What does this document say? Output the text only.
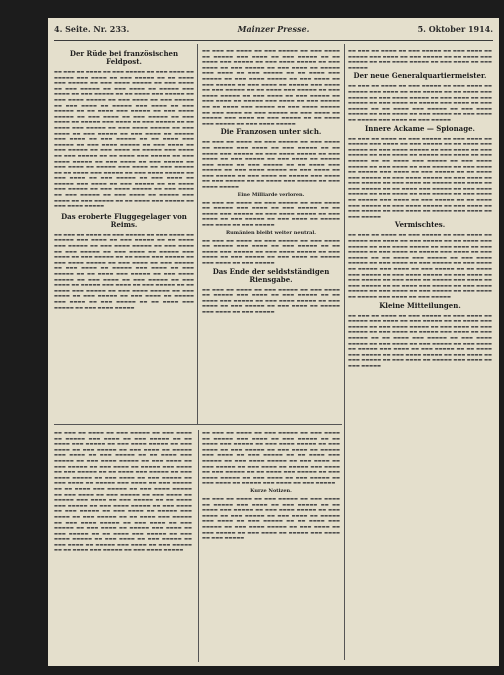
4. Seite. Nr. 233.	Mainzer Presse.	5. Oktober 1914.
Der Rüde bei französischen Feldpost.

▬▬ ▬▬▬ ▬▬ ▬▬▬▬ ▬▬ ▬▬▬ ▬▬▬▬▬ ▬▬ ▬▬▬ ▬▬▬▬ ▬▬ ▬▬▬▬▬ ▬▬▬ ▬▬▬▬ ▬▬ ▬▬▬ ▬▬▬▬▬ ▬▬ ▬▬ ▬▬▬▬ ▬▬▬ ▬▬▬▬▬ ▬▬ ▬▬▬ ▬▬▬▬ ▬▬▬▬▬ ▬▬ ▬▬▬ ▬▬▬▬ ▬▬ ▬▬▬ ▬▬▬▬▬ ▬▬ ▬▬▬ ▬▬▬▬ ▬▬ ▬▬▬▬▬ ▬▬▬ ▬▬▬▬ ▬▬ ▬▬▬ ▬▬▬▬▬ ▬▬ ▬▬ ▬▬▬▬ ▬▬▬ ▬▬▬▬▬ ▬▬ ▬▬▬ ▬▬▬▬ ▬▬▬▬▬ ▬▬ ▬▬▬ ▬▬▬▬ ▬▬ ▬▬▬ ▬▬▬▬▬ ▬▬ ▬▬▬ ▬▬▬▬ ▬▬ ▬▬▬▬▬ ▬▬▬ ▬▬▬▬ ▬▬ ▬▬▬ ▬▬▬▬▬ ▬▬ ▬▬ ▬▬▬▬ ▬▬▬ ▬▬▬▬▬ ▬▬ ▬▬▬ ▬▬▬▬ ▬▬▬▬▬ ▬▬ ▬▬▬ ▬▬▬▬ ▬▬ ▬▬▬ ▬▬▬▬▬ ▬▬ ▬▬▬ ▬▬▬▬ ▬▬ ▬▬▬▬▬ ▬▬▬ ▬▬▬▬ ▬▬ ▬▬▬ ▬▬▬▬▬ ▬▬ ▬▬ ▬▬▬▬ ▬▬▬ ▬▬▬▬▬ ▬▬ ▬▬▬ ▬▬▬▬ ▬▬▬▬▬ ▬▬ ▬▬▬ ▬▬▬▬ ▬▬ ▬▬▬ ▬▬▬▬▬ ▬▬ ▬▬▬ ▬▬▬▬ ▬▬ ▬▬▬▬▬ ▬▬▬ ▬▬▬▬ ▬▬ ▬▬▬ ▬▬▬▬▬ ▬▬ ▬▬ ▬▬▬▬ ▬▬▬ ▬▬▬▬▬ ▬▬ ▬▬▬ ▬▬▬▬ ▬▬▬▬▬ ▬▬ ▬▬▬ ▬▬▬▬ ▬▬ ▬▬▬ ▬▬▬▬▬ ▬▬ ▬▬▬ ▬▬▬▬ ▬▬ ▬▬▬▬▬ ▬▬▬ ▬▬▬▬ ▬▬ ▬▬▬ ▬▬▬▬▬ ▬▬ ▬▬ ▬▬▬▬ ▬▬▬ ▬▬▬▬▬ ▬▬ ▬▬▬ ▬▬▬▬ ▬▬▬▬▬ ▬▬ ▬▬▬ ▬▬▬▬ ▬▬ ▬▬▬ ▬▬▬▬▬ ▬▬ ▬▬▬ ▬▬▬▬ ▬▬ ▬▬▬▬▬ ▬▬▬ ▬▬▬▬ ▬▬ ▬▬▬ ▬▬▬▬▬ ▬▬ ▬▬ ▬▬▬▬ ▬▬▬ ▬▬▬▬▬ ▬▬ ▬▬▬ ▬▬▬▬ ▬▬▬▬▬ ▬▬ ▬▬▬ ▬▬▬▬ ▬▬ ▬▬▬ ▬▬▬▬▬ ▬▬ ▬▬▬ ▬▬▬▬ ▬▬ ▬▬▬▬▬ ▬▬▬ ▬▬▬▬ ▬▬ ▬▬▬ ▬▬▬▬▬ ▬▬ ▬▬ ▬▬▬▬ ▬▬▬ ▬▬▬▬▬ ▬▬ ▬▬▬ ▬▬▬▬ ▬▬▬▬▬ ▬▬ ▬▬▬ ▬▬▬▬ ▬▬ ▬▬▬ ▬▬▬▬▬ ▬▬ ▬▬▬ ▬▬▬▬ ▬▬ ▬▬▬▬▬ ▬▬▬ ▬▬▬▬ ▬▬ ▬▬▬ ▬▬▬▬▬ ▬▬ ▬▬ ▬▬▬▬ ▬▬▬ ▬▬▬▬▬ ▬▬ ▬▬▬ ▬▬▬▬ ▬▬▬▬▬

Das eroberte Fluggegelager von Reims.

▬▬ ▬▬▬ ▬▬ ▬▬▬▬ ▬▬ ▬▬▬ ▬▬▬▬▬ ▬▬ ▬▬▬ ▬▬▬▬ ▬▬ ▬▬▬▬▬ ▬▬▬ ▬▬▬▬ ▬▬ ▬▬▬ ▬▬▬▬▬ ▬▬ ▬▬ ▬▬▬▬ ▬▬▬ ▬▬▬▬▬ ▬▬ ▬▬▬ ▬▬▬▬ ▬▬▬▬▬ ▬▬ ▬▬▬ ▬▬▬▬ ▬▬ ▬▬▬ ▬▬▬▬▬ ▬▬ ▬▬▬ ▬▬▬▬ ▬▬ ▬▬▬▬▬ ▬▬▬ ▬▬▬▬ ▬▬ ▬▬▬ ▬▬▬▬▬ ▬▬ ▬▬ ▬▬▬▬ ▬▬▬ ▬▬▬▬▬ ▬▬ ▬▬▬ ▬▬▬▬ ▬▬▬▬▬ ▬▬ ▬▬▬ ▬▬▬▬ ▬▬ ▬▬▬ ▬▬▬▬▬ ▬▬ ▬▬▬ ▬▬▬▬ ▬▬ ▬▬▬▬▬ ▬▬▬ ▬▬▬▬ ▬▬ ▬▬▬ ▬▬▬▬▬ ▬▬ ▬▬ ▬▬▬▬ ▬▬▬ ▬▬▬▬▬ ▬▬ ▬▬▬ ▬▬▬▬ ▬▬▬▬▬ ▬▬ ▬▬▬ ▬▬▬▬ ▬▬ ▬▬▬ ▬▬▬▬▬ ▬▬ ▬▬▬ ▬▬▬▬ ▬▬ ▬▬▬▬▬ ▬▬▬ ▬▬▬▬ ▬▬ ▬▬▬ ▬▬▬▬▬ ▬▬ ▬▬ ▬▬▬▬ ▬▬▬ ▬▬▬▬▬ ▬▬ ▬▬▬ ▬▬▬▬ ▬▬▬▬▬ ▬▬ ▬▬▬ ▬▬▬▬ ▬▬ ▬▬▬ ▬▬▬▬▬ ▬▬ ▬▬▬ ▬▬▬▬ ▬▬ ▬▬▬▬▬ ▬▬▬ ▬▬▬▬ ▬▬ ▬▬▬ ▬▬▬▬▬ ▬▬ ▬▬ ▬▬▬▬ ▬▬▬ ▬▬▬▬▬ ▬▬ ▬▬▬ ▬▬▬▬ ▬▬▬▬▬

▬▬ ▬▬▬ ▬▬ ▬▬▬▬ ▬▬ ▬▬▬ ▬▬▬▬▬ ▬▬ ▬▬▬ ▬▬▬▬ ▬▬ ▬▬▬▬▬ ▬▬▬ ▬▬▬▬ ▬▬ ▬▬▬ ▬▬▬▬▬ ▬▬ ▬▬ ▬▬▬▬ ▬▬▬ ▬▬▬▬▬ ▬▬ ▬▬▬ ▬▬▬▬ ▬▬▬▬▬ ▬▬ ▬▬▬ ▬▬▬▬ ▬▬ ▬▬▬ ▬▬▬▬▬ ▬▬ ▬▬▬ ▬▬▬▬ ▬▬ ▬▬▬▬▬ ▬▬▬ ▬▬▬▬ ▬▬ ▬▬▬ ▬▬▬▬▬ ▬▬ ▬▬ ▬▬▬▬ ▬▬▬ ▬▬▬▬▬ ▬▬ ▬▬▬ ▬▬▬▬ ▬▬▬▬▬ ▬▬ ▬▬▬ ▬▬▬▬ ▬▬ ▬▬▬ ▬▬▬▬▬ ▬▬ ▬▬▬ ▬▬▬▬ ▬▬ ▬▬▬▬▬ ▬▬▬ ▬▬▬▬ ▬▬ ▬▬▬ ▬▬▬▬▬ ▬▬ ▬▬ ▬▬▬▬ ▬▬▬ ▬▬▬▬▬ ▬▬ ▬▬▬ ▬▬▬▬ ▬▬▬▬▬ ▬▬ ▬▬▬ ▬▬▬▬ ▬▬ ▬▬▬ ▬▬▬▬▬ ▬▬ ▬▬▬ ▬▬▬▬ ▬▬ ▬▬▬▬▬ ▬▬▬ ▬▬▬▬ ▬▬ ▬▬▬ ▬▬▬▬▬ ▬▬ ▬▬ ▬▬▬▬ ▬▬▬ ▬▬▬▬▬ ▬▬ ▬▬▬ ▬▬▬▬ ▬▬▬▬▬ ▬▬ ▬▬▬ ▬▬▬▬ ▬▬ ▬▬▬ ▬▬▬▬▬ ▬▬ ▬▬▬ ▬▬▬▬ ▬▬ ▬▬▬▬▬ ▬▬▬ ▬▬▬▬ ▬▬ ▬▬▬ ▬▬▬▬▬ ▬▬ ▬▬ ▬▬▬▬ ▬▬▬ ▬▬▬▬▬ ▬▬ ▬▬▬ ▬▬▬▬ ▬▬▬▬▬

Die Franzosen unter sich.

▬▬ ▬▬▬ ▬▬ ▬▬▬▬ ▬▬ ▬▬▬ ▬▬▬▬▬ ▬▬ ▬▬▬ ▬▬▬▬ ▬▬ ▬▬▬▬▬ ▬▬▬ ▬▬▬▬ ▬▬ ▬▬▬ ▬▬▬▬▬ ▬▬ ▬▬ ▬▬▬▬ ▬▬▬ ▬▬▬▬▬ ▬▬ ▬▬▬ ▬▬▬▬ ▬▬▬▬▬ ▬▬ ▬▬▬ ▬▬▬▬ ▬▬ ▬▬▬ ▬▬▬▬▬ ▬▬ ▬▬▬ ▬▬▬▬ ▬▬ ▬▬▬▬▬ ▬▬▬ ▬▬▬▬ ▬▬ ▬▬▬ ▬▬▬▬▬ ▬▬ ▬▬ ▬▬▬▬ ▬▬▬ ▬▬▬▬▬ ▬▬ ▬▬▬ ▬▬▬▬ ▬▬▬▬▬ ▬▬ ▬▬▬ ▬▬▬▬ ▬▬ ▬▬▬ ▬▬▬▬▬ ▬▬ ▬▬▬ ▬▬▬▬ ▬▬ ▬▬▬▬▬ ▬▬▬ ▬▬▬▬ ▬▬ ▬▬▬ ▬▬▬▬▬ ▬▬ ▬▬ ▬▬▬▬ ▬▬▬ ▬▬▬▬▬ ▬▬ ▬▬▬ ▬▬▬▬ ▬▬▬▬▬

Eine Milliarde verloren.

▬▬ ▬▬▬ ▬▬ ▬▬▬▬ ▬▬ ▬▬▬ ▬▬▬▬▬ ▬▬ ▬▬▬ ▬▬▬▬ ▬▬ ▬▬▬▬▬ ▬▬▬ ▬▬▬▬ ▬▬ ▬▬▬ ▬▬▬▬▬ ▬▬ ▬▬ ▬▬▬▬ ▬▬▬ ▬▬▬▬▬ ▬▬ ▬▬▬ ▬▬▬▬ ▬▬▬▬▬ ▬▬ ▬▬▬ ▬▬▬▬ ▬▬ ▬▬▬ ▬▬▬▬▬ ▬▬ ▬▬▬ ▬▬▬▬ ▬▬ ▬▬▬▬▬ ▬▬▬ ▬▬▬▬ ▬▬ ▬▬▬ ▬▬▬▬▬

Rumänien bleibt weiter neutral.

▬▬ ▬▬▬ ▬▬ ▬▬▬▬ ▬▬ ▬▬▬ ▬▬▬▬▬ ▬▬ ▬▬▬ ▬▬▬▬ ▬▬ ▬▬▬▬▬ ▬▬▬ ▬▬▬▬ ▬▬ ▬▬▬ ▬▬▬▬▬ ▬▬ ▬▬ ▬▬▬▬ ▬▬▬ ▬▬▬▬▬ ▬▬ ▬▬▬ ▬▬▬▬ ▬▬▬▬▬ ▬▬ ▬▬▬ ▬▬▬▬ ▬▬ ▬▬▬ ▬▬▬▬▬ ▬▬ ▬▬▬ ▬▬▬▬ ▬▬ ▬▬▬▬▬ ▬▬▬ ▬▬▬▬ ▬▬ ▬▬▬ ▬▬▬▬▬

Das Ende der seldstständigen Riensgabe.

▬▬ ▬▬▬ ▬▬ ▬▬▬▬ ▬▬ ▬▬▬ ▬▬▬▬▬ ▬▬ ▬▬▬ ▬▬▬▬ ▬▬ ▬▬▬▬▬ ▬▬▬ ▬▬▬▬ ▬▬ ▬▬▬ ▬▬▬▬▬ ▬▬ ▬▬ ▬▬▬▬ ▬▬▬ ▬▬▬▬▬ ▬▬ ▬▬▬ ▬▬▬▬ ▬▬▬▬▬ ▬▬ ▬▬▬ ▬▬▬▬ ▬▬ ▬▬▬ ▬▬▬▬▬ ▬▬ ▬▬▬ ▬▬▬▬ ▬▬ ▬▬▬▬▬ ▬▬▬ ▬▬▬▬ ▬▬ ▬▬▬ ▬▬▬▬▬

▬▬ ▬▬▬ ▬▬ ▬▬▬▬ ▬▬ ▬▬▬ ▬▬▬▬▬ ▬▬ ▬▬▬ ▬▬▬▬ ▬▬ ▬▬▬▬▬ ▬▬▬ ▬▬▬▬ ▬▬ ▬▬▬ ▬▬▬▬▬ ▬▬ ▬▬ ▬▬▬▬ ▬▬▬ ▬▬▬▬▬ ▬▬ ▬▬▬ ▬▬▬▬ ▬▬▬▬▬ ▬▬ ▬▬▬ ▬▬▬▬ ▬▬ ▬▬▬ ▬▬▬▬▬

Der neue Generalquartiermeister.

▬▬ ▬▬▬ ▬▬ ▬▬▬▬ ▬▬ ▬▬▬ ▬▬▬▬▬ ▬▬ ▬▬▬ ▬▬▬▬ ▬▬ ▬▬▬▬▬ ▬▬▬ ▬▬▬▬ ▬▬ ▬▬▬ ▬▬▬▬▬ ▬▬ ▬▬ ▬▬▬▬ ▬▬▬ ▬▬▬▬▬ ▬▬ ▬▬▬ ▬▬▬▬ ▬▬▬▬▬ ▬▬ ▬▬▬ ▬▬▬▬ ▬▬ ▬▬▬ ▬▬▬▬▬ ▬▬ ▬▬▬ ▬▬▬▬ ▬▬ ▬▬▬▬▬ ▬▬▬ ▬▬▬▬ ▬▬ ▬▬▬ ▬▬▬▬▬ ▬▬ ▬▬ ▬▬▬▬ ▬▬▬ ▬▬▬▬▬ ▬▬ ▬▬▬ ▬▬▬▬ ▬▬▬▬▬ ▬▬ ▬▬▬ ▬▬▬▬ ▬▬ ▬▬▬ ▬▬▬▬▬ ▬▬ ▬▬▬ ▬▬▬▬ ▬▬ ▬▬▬▬▬ ▬▬▬ ▬▬▬▬ ▬▬ ▬▬▬ ▬▬▬▬▬

Innere Ackame — Spionage.

▬▬ ▬▬▬ ▬▬ ▬▬▬▬ ▬▬ ▬▬▬ ▬▬▬▬▬ ▬▬ ▬▬▬ ▬▬▬▬ ▬▬ ▬▬▬▬▬ ▬▬▬ ▬▬▬▬ ▬▬ ▬▬▬ ▬▬▬▬▬ ▬▬ ▬▬ ▬▬▬▬ ▬▬▬ ▬▬▬▬▬ ▬▬ ▬▬▬ ▬▬▬▬ ▬▬▬▬▬ ▬▬ ▬▬▬ ▬▬▬▬ ▬▬ ▬▬▬ ▬▬▬▬▬ ▬▬ ▬▬▬ ▬▬▬▬ ▬▬ ▬▬▬▬▬ ▬▬▬ ▬▬▬▬ ▬▬ ▬▬▬ ▬▬▬▬▬ ▬▬ ▬▬ ▬▬▬▬ ▬▬▬ ▬▬▬▬▬ ▬▬ ▬▬▬ ▬▬▬▬ ▬▬▬▬▬ ▬▬ ▬▬▬ ▬▬▬▬ ▬▬ ▬▬▬ ▬▬▬▬▬ ▬▬ ▬▬▬ ▬▬▬▬ ▬▬ ▬▬▬▬▬ ▬▬▬ ▬▬▬▬ ▬▬ ▬▬▬ ▬▬▬▬▬ ▬▬ ▬▬ ▬▬▬▬ ▬▬▬ ▬▬▬▬▬ ▬▬ ▬▬▬ ▬▬▬▬ ▬▬▬▬▬ ▬▬ ▬▬▬ ▬▬▬▬ ▬▬ ▬▬▬ ▬▬▬▬▬ ▬▬ ▬▬▬ ▬▬▬▬ ▬▬ ▬▬▬▬▬ ▬▬▬ ▬▬▬▬ ▬▬ ▬▬▬ ▬▬▬▬▬ ▬▬ ▬▬ ▬▬▬▬ ▬▬▬ ▬▬▬▬▬ ▬▬ ▬▬▬ ▬▬▬▬ ▬▬▬▬▬ ▬▬ ▬▬▬ ▬▬▬▬ ▬▬ ▬▬▬ ▬▬▬▬▬ ▬▬ ▬▬▬ ▬▬▬▬ ▬▬ ▬▬▬▬▬ ▬▬▬ ▬▬▬▬ ▬▬ ▬▬▬ ▬▬▬▬▬ ▬▬ ▬▬ ▬▬▬▬ ▬▬▬ ▬▬▬▬▬ ▬▬ ▬▬▬ ▬▬▬▬ ▬▬▬▬▬ ▬▬ ▬▬▬ ▬▬▬▬ ▬▬ ▬▬▬ ▬▬▬▬▬ ▬▬ ▬▬▬ ▬▬▬▬ ▬▬ ▬▬▬▬▬ ▬▬▬ ▬▬▬▬ ▬▬ ▬▬▬ ▬▬▬▬▬

Vermischtes.

▬▬ ▬▬▬ ▬▬ ▬▬▬▬ ▬▬ ▬▬▬ ▬▬▬▬▬ ▬▬ ▬▬▬ ▬▬▬▬ ▬▬ ▬▬▬▬▬ ▬▬▬ ▬▬▬▬ ▬▬ ▬▬▬ ▬▬▬▬▬ ▬▬ ▬▬ ▬▬▬▬ ▬▬▬ ▬▬▬▬▬ ▬▬ ▬▬▬ ▬▬▬▬ ▬▬▬▬▬ ▬▬ ▬▬▬ ▬▬▬▬ ▬▬ ▬▬▬ ▬▬▬▬▬ ▬▬ ▬▬▬ ▬▬▬▬ ▬▬ ▬▬▬▬▬ ▬▬▬ ▬▬▬▬ ▬▬ ▬▬▬ ▬▬▬▬▬ ▬▬ ▬▬ ▬▬▬▬ ▬▬▬ ▬▬▬▬▬ ▬▬ ▬▬▬ ▬▬▬▬ ▬▬▬▬▬ ▬▬ ▬▬▬ ▬▬▬▬ ▬▬ ▬▬▬ ▬▬▬▬▬ ▬▬ ▬▬▬ ▬▬▬▬ ▬▬ ▬▬▬▬▬ ▬▬▬ ▬▬▬▬ ▬▬ ▬▬▬ ▬▬▬▬▬ ▬▬ ▬▬ ▬▬▬▬ ▬▬▬ ▬▬▬▬▬ ▬▬ ▬▬▬ ▬▬▬▬ ▬▬▬▬▬ ▬▬ ▬▬▬ ▬▬▬▬ ▬▬ ▬▬▬ ▬▬▬▬▬ ▬▬ ▬▬▬ ▬▬▬▬ ▬▬ ▬▬▬▬▬ ▬▬▬ ▬▬▬▬ ▬▬ ▬▬▬ ▬▬▬▬▬ ▬▬ ▬▬ ▬▬▬▬ ▬▬▬ ▬▬▬▬▬ ▬▬ ▬▬▬ ▬▬▬▬ ▬▬▬▬▬ ▬▬ ▬▬▬ ▬▬▬▬ ▬▬ ▬▬▬ ▬▬▬▬▬ ▬▬ ▬▬▬ ▬▬▬▬ ▬▬ ▬▬▬▬▬ ▬▬▬ ▬▬▬▬ ▬▬ ▬▬▬ ▬▬▬▬▬

Kleine Mitteilungen.

▬▬ ▬▬▬ ▬▬ ▬▬▬▬ ▬▬ ▬▬▬ ▬▬▬▬▬ ▬▬ ▬▬▬ ▬▬▬▬ ▬▬ ▬▬▬▬▬ ▬▬▬ ▬▬▬▬ ▬▬ ▬▬▬ ▬▬▬▬▬ ▬▬ ▬▬ ▬▬▬▬ ▬▬▬ ▬▬▬▬▬ ▬▬ ▬▬▬ ▬▬▬▬ ▬▬▬▬▬ ▬▬ ▬▬▬ ▬▬▬▬ ▬▬ ▬▬▬ ▬▬▬▬▬ ▬▬ ▬▬▬ ▬▬▬▬ ▬▬ ▬▬▬▬▬ ▬▬▬ ▬▬▬▬ ▬▬ ▬▬▬ ▬▬▬▬▬ ▬▬ ▬▬ ▬▬▬▬ ▬▬▬ ▬▬▬▬▬ ▬▬ ▬▬▬ ▬▬▬▬ ▬▬▬▬▬ ▬▬ ▬▬▬ ▬▬▬▬ ▬▬ ▬▬▬ ▬▬▬▬▬ ▬▬ ▬▬▬ ▬▬▬▬ ▬▬ ▬▬▬▬▬ ▬▬▬ ▬▬▬▬ ▬▬ ▬▬▬ ▬▬▬▬▬ ▬▬ ▬▬ ▬▬▬▬ ▬▬▬ ▬▬▬▬▬ ▬▬ ▬▬▬ ▬▬▬▬ ▬▬▬▬▬ ▬▬ ▬▬▬ ▬▬▬▬ ▬▬ ▬▬▬ ▬▬▬▬▬ ▬▬ ▬▬▬ ▬▬▬▬ ▬▬ ▬▬▬▬▬ ▬▬▬ ▬▬▬▬ ▬▬ ▬▬▬ ▬▬▬▬▬

▬▬ ▬▬▬ ▬▬ ▬▬▬▬ ▬▬ ▬▬▬ ▬▬▬▬▬ ▬▬ ▬▬▬ ▬▬▬▬ ▬▬ ▬▬▬▬▬ ▬▬▬ ▬▬▬▬ ▬▬ ▬▬▬ ▬▬▬▬▬ ▬▬ ▬▬ ▬▬▬▬ ▬▬▬ ▬▬▬▬▬ ▬▬ ▬▬▬ ▬▬▬▬ ▬▬▬▬▬ ▬▬ ▬▬▬ ▬▬▬▬ ▬▬ ▬▬▬ ▬▬▬▬▬ ▬▬ ▬▬▬ ▬▬▬▬ ▬▬ ▬▬▬▬▬ ▬▬▬ ▬▬▬▬ ▬▬ ▬▬▬ ▬▬▬▬▬ ▬▬ ▬▬ ▬▬▬▬ ▬▬▬ ▬▬▬▬▬ ▬▬ ▬▬▬ ▬▬▬▬ ▬▬▬▬▬ ▬▬ ▬▬▬ ▬▬▬▬ ▬▬ ▬▬▬ ▬▬▬▬▬ ▬▬ ▬▬▬ ▬▬▬▬ ▬▬ ▬▬▬▬▬ ▬▬▬ ▬▬▬▬ ▬▬ ▬▬▬ ▬▬▬▬▬ ▬▬ ▬▬ ▬▬▬▬ ▬▬▬ ▬▬▬▬▬ ▬▬ ▬▬▬ ▬▬▬▬ ▬▬▬▬▬ ▬▬ ▬▬▬ ▬▬▬▬ ▬▬ ▬▬▬ ▬▬▬▬▬ ▬▬ ▬▬▬ ▬▬▬▬ ▬▬ ▬▬▬▬▬ ▬▬▬ ▬▬▬▬ ▬▬ ▬▬▬ ▬▬▬▬▬ ▬▬ ▬▬ ▬▬▬▬ ▬▬▬ ▬▬▬▬▬ ▬▬ ▬▬▬ ▬▬▬▬ ▬▬▬▬▬ ▬▬ ▬▬▬ ▬▬▬▬ ▬▬ ▬▬▬ ▬▬▬▬▬ ▬▬ ▬▬▬ ▬▬▬▬ ▬▬ ▬▬▬▬▬ ▬▬▬ ▬▬▬▬ ▬▬ ▬▬▬ ▬▬▬▬▬ ▬▬ ▬▬ ▬▬▬▬ ▬▬▬ ▬▬▬▬▬ ▬▬ ▬▬▬ ▬▬▬▬ ▬▬▬▬▬ ▬▬ ▬▬▬ ▬▬▬▬ ▬▬ ▬▬▬ ▬▬▬▬▬ ▬▬ ▬▬▬ ▬▬▬▬ ▬▬ ▬▬▬▬▬ ▬▬▬ ▬▬▬▬ ▬▬ ▬▬▬ ▬▬▬▬▬ ▬▬ ▬▬ ▬▬▬▬ ▬▬▬ ▬▬▬▬▬ ▬▬ ▬▬▬ ▬▬▬▬ ▬▬▬▬▬ ▬▬ ▬▬▬ ▬▬▬▬ ▬▬ ▬▬▬ ▬▬▬▬▬ ▬▬ ▬▬▬ ▬▬▬▬ ▬▬ ▬▬▬▬▬ ▬▬▬ ▬▬▬▬ ▬▬ ▬▬▬ ▬▬▬▬▬ ▬▬ ▬▬ ▬▬▬▬ ▬▬▬ ▬▬▬▬▬ ▬▬ ▬▬▬ ▬▬▬▬ ▬▬▬▬▬ ▬▬ ▬▬▬ ▬▬▬▬ ▬▬ ▬▬▬ ▬▬▬▬▬ ▬▬ ▬▬▬ ▬▬▬▬ ▬▬ ▬▬▬▬▬ ▬▬▬ ▬▬▬▬ ▬▬ ▬▬▬ ▬▬▬▬▬ ▬▬ ▬▬ ▬▬▬▬ ▬▬▬ ▬▬▬▬▬ ▬▬ ▬▬▬ ▬▬▬▬ ▬▬▬▬▬

▬▬ ▬▬▬ ▬▬ ▬▬▬▬ ▬▬ ▬▬▬ ▬▬▬▬▬ ▬▬ ▬▬▬ ▬▬▬▬ ▬▬ ▬▬▬▬▬ ▬▬▬ ▬▬▬▬ ▬▬ ▬▬▬ ▬▬▬▬▬ ▬▬ ▬▬ ▬▬▬▬ ▬▬▬ ▬▬▬▬▬ ▬▬ ▬▬▬ ▬▬▬▬ ▬▬▬▬▬ ▬▬ ▬▬▬ ▬▬▬▬ ▬▬ ▬▬▬ ▬▬▬▬▬ ▬▬ ▬▬▬ ▬▬▬▬ ▬▬ ▬▬▬▬▬ ▬▬▬ ▬▬▬▬ ▬▬ ▬▬▬ ▬▬▬▬▬ ▬▬ ▬▬ ▬▬▬▬ ▬▬▬ ▬▬▬▬▬ ▬▬ ▬▬▬ ▬▬▬▬ ▬▬▬▬▬ ▬▬ ▬▬▬ ▬▬▬▬ ▬▬ ▬▬▬ ▬▬▬▬▬ ▬▬ ▬▬▬ ▬▬▬▬ ▬▬ ▬▬▬▬▬ ▬▬▬ ▬▬▬▬ ▬▬ ▬▬▬ ▬▬▬▬▬ ▬▬ ▬▬ ▬▬▬▬ ▬▬▬ ▬▬▬▬▬ ▬▬ ▬▬▬ ▬▬▬▬ ▬▬▬▬▬ ▬▬ ▬▬▬ ▬▬▬▬ ▬▬ ▬▬▬ ▬▬▬▬▬ ▬▬ ▬▬▬ ▬▬▬▬ ▬▬ ▬▬▬▬▬ ▬▬▬ ▬▬▬▬ ▬▬ ▬▬▬ ▬▬▬▬▬

Kurze Notizen.

▬▬ ▬▬▬ ▬▬ ▬▬▬▬ ▬▬ ▬▬▬ ▬▬▬▬▬ ▬▬ ▬▬▬ ▬▬▬▬ ▬▬ ▬▬▬▬▬ ▬▬▬ ▬▬▬▬ ▬▬ ▬▬▬ ▬▬▬▬▬ ▬▬ ▬▬ ▬▬▬▬ ▬▬▬ ▬▬▬▬▬ ▬▬ ▬▬▬ ▬▬▬▬ ▬▬▬▬▬ ▬▬ ▬▬▬ ▬▬▬▬ ▬▬ ▬▬▬ ▬▬▬▬▬ ▬▬ ▬▬▬ ▬▬▬▬ ▬▬ ▬▬▬▬▬ ▬▬▬ ▬▬▬▬ ▬▬ ▬▬▬ ▬▬▬▬▬ ▬▬ ▬▬ ▬▬▬▬ ▬▬▬ ▬▬▬▬▬ ▬▬ ▬▬▬ ▬▬▬▬ ▬▬▬▬▬ ▬▬ ▬▬▬ ▬▬▬▬ ▬▬ ▬▬▬ ▬▬▬▬▬ ▬▬ ▬▬▬ ▬▬▬▬ ▬▬ ▬▬▬▬▬ ▬▬▬ ▬▬▬▬ ▬▬ ▬▬▬ ▬▬▬▬▬
